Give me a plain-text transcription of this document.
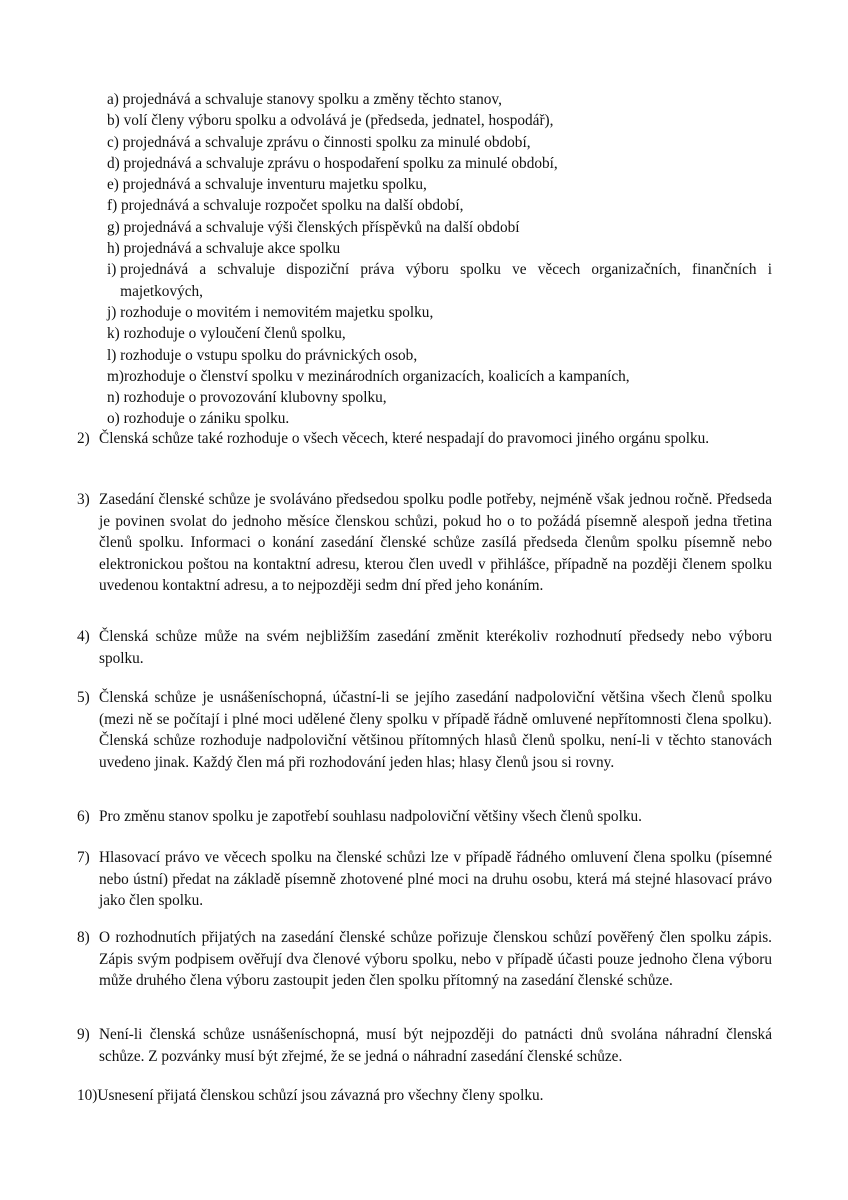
a) projednává a schvaluje stanovy spolku a změny těchto stanov,
b) volí členy výboru spolku a odvolává je (předseda, jednatel, hospodář),
c) projednává a schvaluje zprávu o činnosti spolku za minulé období,
d) projednává a schvaluje zprávu o hospodaření spolku za minulé období,
e) projednává a schvaluje inventuru majetku spolku,
f) projednává a schvaluje rozpočet spolku na další období,
g) projednává a schvaluje výši členských příspěvků na další období
h) projednává a schvaluje akce spolku
i) projednává a schvaluje dispoziční práva výboru spolku ve věcech organizačních, finančních i majetkových,
j) rozhoduje o movitém i nemovitém majetku spolku,
k) rozhoduje o vyloučení členů spolku,
l) rozhoduje o vstupu spolku do právnických osob,
m) rozhoduje o členství spolku v mezinárodních organizacích, koalicích a kampaních,
n) rozhoduje o provozování klubovny spolku,
o) rozhoduje o zániku spolku.
2) Členská schůze také rozhoduje o všech věcech, které nespadají do pravomoci jiného orgánu spolku.
3) Zasedání členské schůze je svoláváno předsedou spolku podle potřeby, nejméně však jednou ročně. Předseda je povinen svolat do jednoho měsíce členskou schůzi, pokud ho o to požádá písemně alespoň jedna třetina členů spolku. Informaci o konání zasedání členské schůze zasílá předseda členům spolku písemně nebo elektronickou poštou na kontaktní adresu, kterou člen uvedl v přihlášce, případně na později členem spolku uvedenou kontaktní adresu, a to nejpozději sedm dní před jeho konáním.
4) Členská schůze může na svém nejbližším zasedání změnit kterékoliv rozhodnutí předsedy nebo výboru spolku.
5) Členská schůze je usnášeníschopná, účastní-li se jejího zasedání nadpoloviční většina všech členů spolku (mezi ně se počítají i plné moci udělené členy spolku v případě řádně omluvené nepřítomnosti člena spolku). Členská schůze rozhoduje nadpoloviční většinou přítomných hlasů členů spolku, není-li v těchto stanovách uvedeno jinak. Každý člen má při rozhodování jeden hlas; hlasy členů jsou si rovny.
6) Pro změnu stanov spolku je zapotřebí souhlasu nadpoloviční většiny všech členů spolku.
7) Hlasovací právo ve věcech spolku na členské schůzi lze v případě řádného omluvení člena spolku (písemné nebo ústní) předat na základě písemně zhotovené plné moci na druhu osobu, která má stejné hlasovací právo jako člen spolku.
8) O rozhodnutích přijatých na zasedání členské schůze pořizuje členskou schůzí pověřený člen spolku zápis. Zápis svým podpisem ověřují dva členové výboru spolku, nebo v případě účasti pouze jednoho člena výboru může druhého člena výboru zastoupit jeden člen spolku přítomný na zasedání členské schůze.
9) Není-li členská schůze usnášeníschopná, musí být nejpozději do patnácti dnů svolána náhradní členská schůze. Z pozvánky musí být zřejmé, že se jedná o náhradní zasedání členské schůze.
10) Usnesení přijatá členskou schůzí jsou závazná pro všechny členy spolku.
